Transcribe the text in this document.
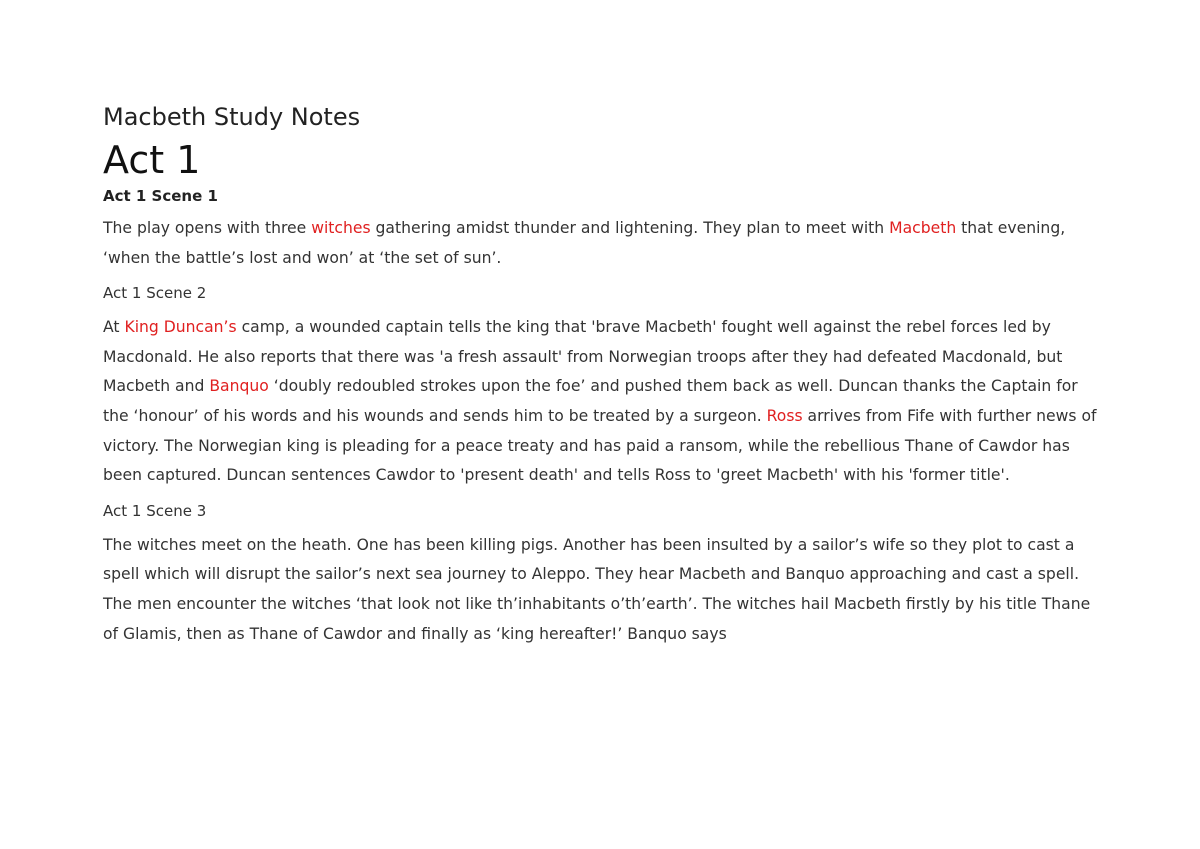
Macbeth Study Notes
Act 1
Act 1 Scene 1

The play opens with three witches gathering amidst thunder and lightening. They plan to meet with Macbeth that evening, ‘when the battle’s lost and won’ at ‘the set of sun’.

Act 1 Scene 2

At King Duncan’s camp, a wounded captain tells the king that 'brave Macbeth' fought well against the rebel forces led by Macdonald. He also reports that there was 'a fresh assault' from Norwegian troops after they had defeated Macdonald, but Macbeth and Banquo ‘doubly redoubled strokes upon the foe’ and pushed them back as well. Duncan thanks the Captain for the ‘honour’ of his words and his wounds and sends him to be treated by a surgeon. Ross arrives from Fife with further news of victory. The Norwegian king is pleading for a peace treaty and has paid a ransom, while the rebellious Thane of Cawdor has been captured. Duncan sentences Cawdor to 'present death' and tells Ross to 'greet Macbeth' with his 'former title'.

Act 1 Scene 3

The witches meet on the heath. One has been killing pigs. Another has been insulted by a sailor’s wife so they plot to cast a spell which will disrupt the sailor’s next sea journey to Aleppo. They hear Macbeth and Banquo approaching and cast a spell. The men encounter the witches ‘that look not like th’inhabitants o’th’earth’. The witches hail Macbeth firstly by his title Thane of Glamis, then as Thane of Cawdor and finally as ‘king hereafter!’ Banquo says
